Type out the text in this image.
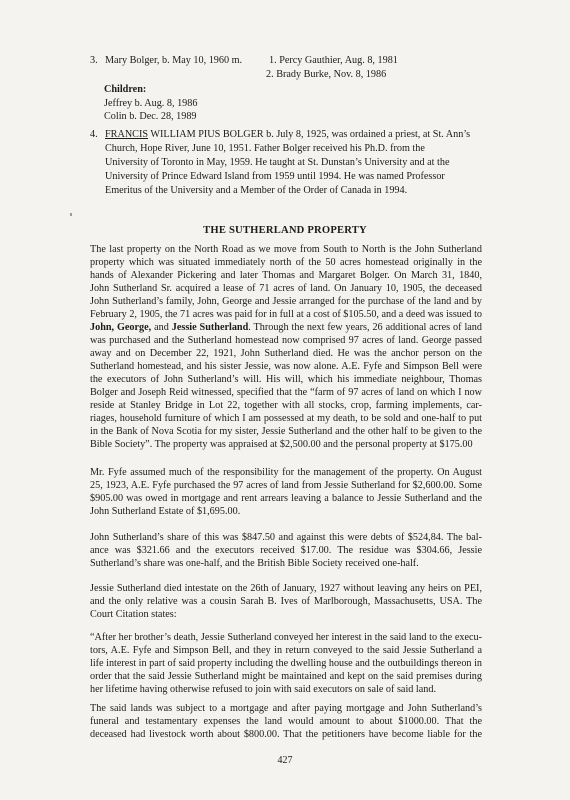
3. Mary Bolger, b. May 10, 1960 m.	1. Percy Gauthier, Aug. 8, 1981
2. Brady Burke, Nov. 8, 1986
Children:
Jeffrey b. Aug. 8, 1986
Colin b. Dec. 28, 1989
4. FRANCIS WILLIAM PIUS BOLGER b. July 8, 1925, was ordained a priest, at St. Ann’s
Church, Hope River, June 10, 1951. Father Bolger received his Ph.D. from the
University of Toronto in May, 1959. He taught at St. Dunstan’s University and at the
University of Prince Edward Island from 1959 until 1994. He was named Professor
Emeritus of the University and a Member of the Order of Canada in 1994.
THE SUTHERLAND PROPERTY
The last property on the North Road as we move from South to North is the John Sutherland
property which was situated immediately north of the 50 acres homestead originally in the
hands of Alexander Pickering and later Thomas and Margaret Bolger. On March 31, 1840,
John Sutherland Sr. acquired a lease of 71 acres of land. On January 10, 1905, the deceased
John Sutherland’s family, John, George and Jessie arranged for the purchase of the land and by
February 2, 1905, the 71 acres was paid for in full at a cost of $105.50, and a deed was issued to
John, George, and Jessie Sutherland. Through the next few years, 26 additional acres of land
was purchased and the Sutherland homestead now comprised 97 acres of land. George passed
away and on December 22, 1921, John Sutherland died. He was the anchor person on the
Sutherland homestead, and his sister Jessie, was now alone. A.E. Fyfe and Simpson Bell were
the executors of John Sutherland’s will. His will, which his immediate neighbour, Thomas
Bolger and Joseph Reid witnessed, specified that the “farm of 97 acres of land on which I now
reside at Stanley Bridge in Lot 22, together with all stocks, crop, farming implements, car-
riages, household furniture of which I am possessed at my death, to be sold and one-half to put
in the Bank of Nova Scotia for my sister, Jessie Sutherland and the other half to be given to the
Bible Society”. The property was appraised at $2,500.00 and the personal property at $175.00
Mr. Fyfe assumed much of the responsibility for the management of the property. On August
25, 1923, A.E. Fyfe purchased the 97 acres of land from Jessie Sutherland for $2,600.00. Some
$905.00 was owed in mortgage and rent arrears leaving a balance to Jessie Sutherland and the
John Sutherland Estate of $1,695.00.
John Sutherland’s share of this was $847.50 and against this were debts of $524,84. The bal-
ance was $321.66 and the executors received $17.00. The residue was $304.66, Jessie
Sutherland’s share was one-half, and the British Bible Society received one-half.
Jessie Sutherland died intestate on the 26th of January, 1927 without leaving any heirs on PEI,
and the only relative was a cousin Sarah B. Ives of Marlborough, Massachusetts, USA. The
Court Citation states:
“After her brother’s death, Jessie Sutherland conveyed her interest in the said land to the execu-
tors, A.E. Fyfe and Simpson Bell, and they in return conveyed to the said Jessie Sutherland a
life interest in part of said property including the dwelling house and the outbuildings thereon in
order that the said Jessie Sutherland might be maintained and kept on the said premises during
her lifetime having otherwise refused to join with said executors on sale of said land.
The said lands was subject to a mortgage and after paying mortgage and John Sutherland’s
funeral and testamentary expenses the land would amount to about $1000.00. That the
deceased had livestock worth about $800.00. That the petitioners have become liable for the
427
